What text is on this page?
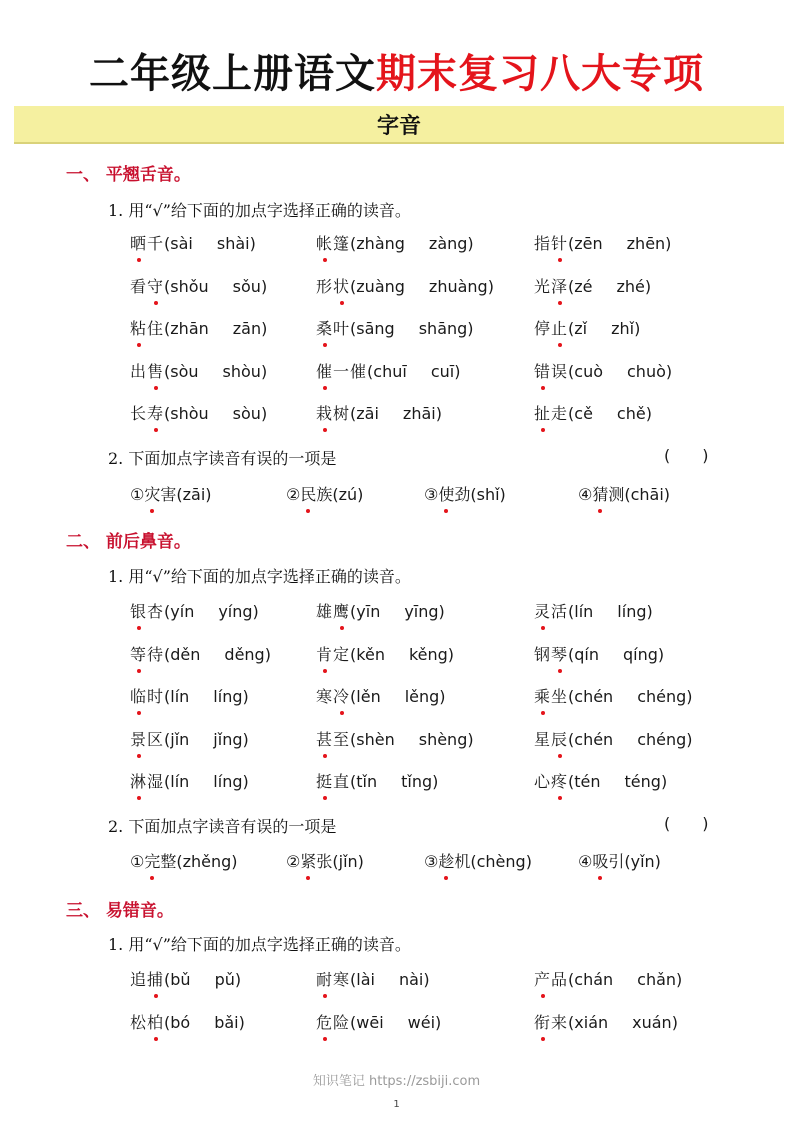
二年级上册语文期末复习八大专项
字音
一、 平翘舌音。
1. 用“√”给下面的加点字选择正确的读音。
晒千(sài  shài)	帐篷(zhàng  zàng)	指针(zēn  zhēn)
看守(shǒu  sǒu)	形状(zuàng  zhuàng)	光泽(zé  zhé)
粘住(zhān  zān)	桑叶(sāng  shāng)	停止(zǐ  zhǐ)
出售(sòu  shòu)	催一催(chuī  cuī)	错误(cuò  chuò)
长寿(shòu  sòu)	栽树(zāi  zhāi)	扯走(cě  chě)
2. 下面加点字读音有误的一项是	(  )
①灾害(zāi)	②民族(zú)	③使劲(shǐ)	④猜测(chāi)
二、 前后鼻音。
1. 用“√”给下面的加点字选择正确的读音。
银杏(yín  yíng)	雄鹰(yīn  yīng)	灵活(lín  líng)
等待(děn  děng)	肯定(kěn  kěng)	钢琴(qín  qíng)
临时(lín  líng)	寒冷(lěn  lěng)	乘坐(chén  chéng)
景区(jǐn  jǐng)	甚至(shèn  shèng)	星辰(chén  chéng)
淋湿(lín  líng)	挺直(tǐn  tǐng)	心疼(tén  téng)
2. 下面加点字读音有误的一项是	(  )
①完整(zhěng)	②紧张(jǐn)	③趁机(chèng)	④吸引(yǐn)
三、 易错音。
1. 用“√”给下面的加点字选择正确的读音。
追捕(bǔ  pǔ)	耐寒(lài  nài)	产品(chán  chǎn)
松柏(bó  bǎi)	危险(wēi  wéi)	衔来(xián  xuán)
知识笔记 https://zsbiji.com
1
